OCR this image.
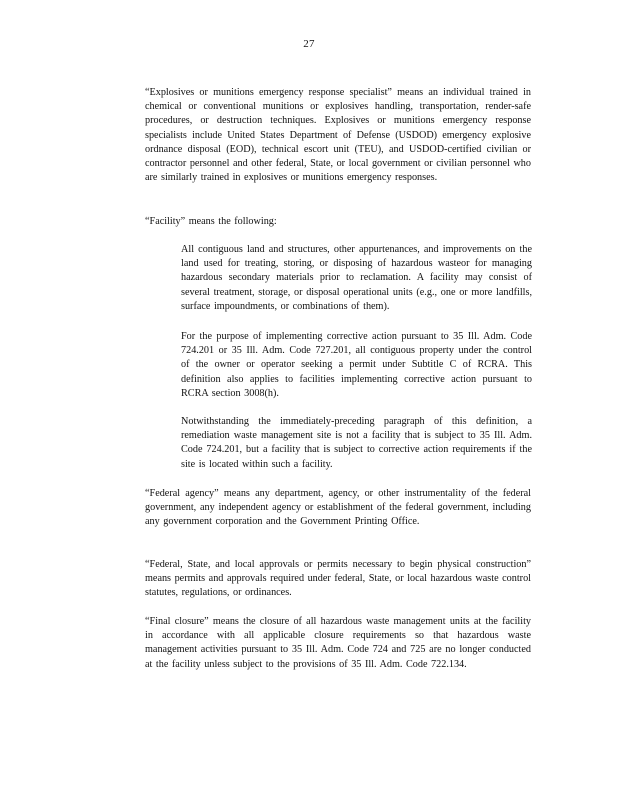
27

“Explosives or munitions emergency response specialist” means an individual trained in chemical or conventional munitions or explosives handling, transportation, render-safe procedures, or destruction techniques. Explosives or munitions emergency response specialists include United States Department of Defense (USDOD) emergency explosive ordnance disposal (EOD), technical escort unit (TEU), and USDOD-certified civilian or contractor personnel and other federal, State, or local government or civilian personnel who are similarly trained in explosives or munitions emergency responses.

“Facility” means the following:

All contiguous land and structures, other appurtenances, and improvements on the land used for treating, storing, or disposing of hazardous wasteor for managing hazardous secondary materials prior to reclamation. A facility may consist of several treatment, storage, or disposal operational units (e.g., one or more landfills, surface impoundments, or combinations of them).

For the purpose of implementing corrective action pursuant to 35 Ill. Adm. Code 724.201 or 35 Ill. Adm. Code 727.201, all contiguous property under the control of the owner or operator seeking a permit under Subtitle C of RCRA. This definition also applies to facilities implementing corrective action pursuant to RCRA section 3008(h).

Notwithstanding the immediately-preceding paragraph of this definition, a remediation waste management site is not a facility that is subject to 35 Ill. Adm. Code 724.201, but a facility that is subject to corrective action requirements if the site is located within such a facility.

“Federal agency” means any department, agency, or other instrumentality of the federal government, any independent agency or establishment of the federal government, including any government corporation and the Government Printing Office.

“Federal, State, and local approvals or permits necessary to begin physical construction” means permits and approvals required under federal, State, or local hazardous waste control statutes, regulations, or ordinances.

“Final closure” means the closure of all hazardous waste management units at the facility in accordance with all applicable closure requirements so that hazardous waste management activities pursuant to 35 Ill. Adm. Code 724 and 725 are no longer conducted at the facility unless subject to the provisions of 35 Ill. Adm. Code 722.134.
